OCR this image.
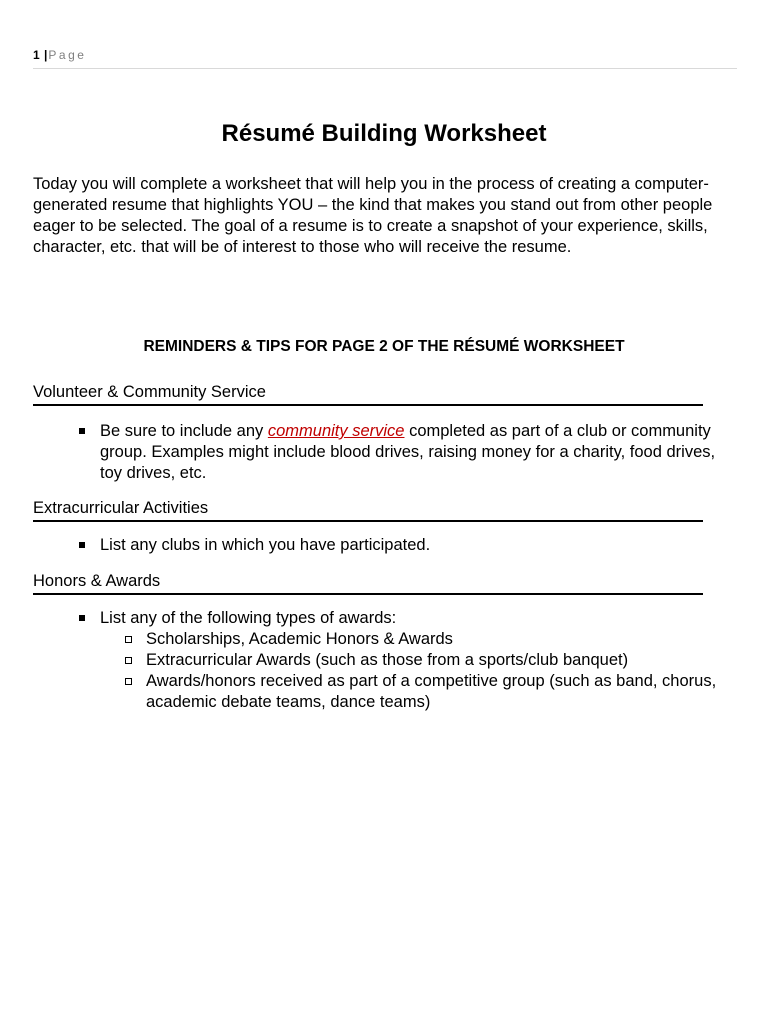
1 |Page
Résumé Building Worksheet

Today you will complete a worksheet that will help you in the process of creating a computer-generated resume that highlights YOU – the kind that makes you stand out from other people eager to be selected. The goal of a resume is to create a snapshot of your experience, skills, character, etc. that will be of interest to those who will receive the resume.

REMINDERS & TIPS FOR PAGE 2 OF THE RÉSUMÉ WORKSHEET
Volunteer & Community Service
Be sure to include any community service completed as part of a club or community group. Examples might include blood drives, raising money for a charity, food drives, toy drives, etc.
Extracurricular Activities
List any clubs in which you have participated.
Honors & Awards
List any of the following types of awards:
Scholarships, Academic Honors & Awards
Extracurricular Awards (such as those from a sports/club banquet)
Awards/honors received as part of a competitive group (such as band, chorus, academic debate teams, dance teams)
